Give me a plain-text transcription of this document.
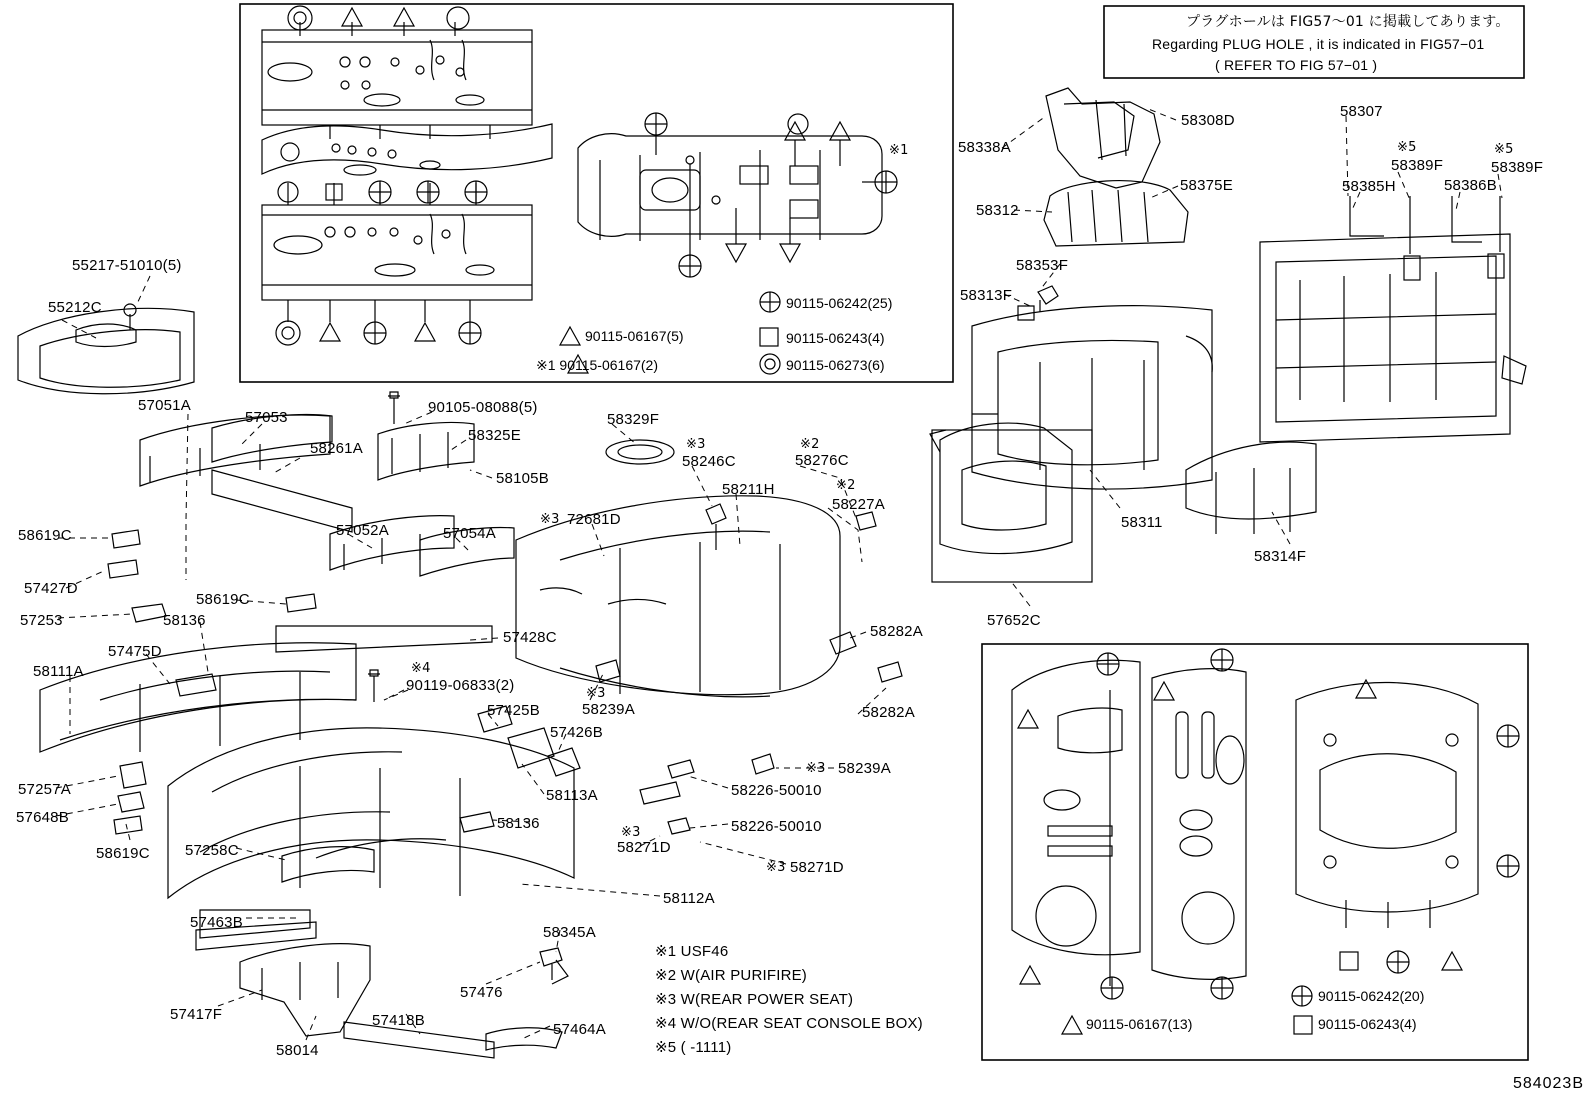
プラグホールは FIG57〜01 に掲載してあります。
Regarding PLUG HOLE , it is indicated in FIG57−01
( REFER TO FIG 57−01 )
90115-06167(5)
※1 90115-06167(2)
90115-06242(25)
90115-06243(4)
90115-06273(6)
90115-06242(20)
90115-06243(4)
90115-06167(13)
※1 USF46
※2 W(AIR PURIFIRE)
※3 W(REAR POWER SEAT)
※4 W/O(REAR SEAT CONSOLE BOX)
※5 ( -1111)
90105-08088(5)
55217-51010(5)
55212C
57051A
57053
58261A
58325E
58105B
58329F
58246C	58276C
58211H
58227A
72681D
58619C	57052A	57054A
57427D
58619C
57253	58136
57475D
57428C
58111A
58282A
58282A
90119-06833(2)
57425B	58239A
57426B
58239A
57257A	58113A	58226-50010
57648B	58136	58226-50010
58271D
58271D
58619C 57258C
58112A
57463B
58345A
57476
57417F	57418B
57464A
58014
58338A
58308D
58307
58389F	58389F
58375E	58385H	58386B
58312
58353F
58313F
58311
58314F
57652C
※1
※3	※2
※2
※3
※4
※3
※3
※3
※3
※5	※5
584023B
